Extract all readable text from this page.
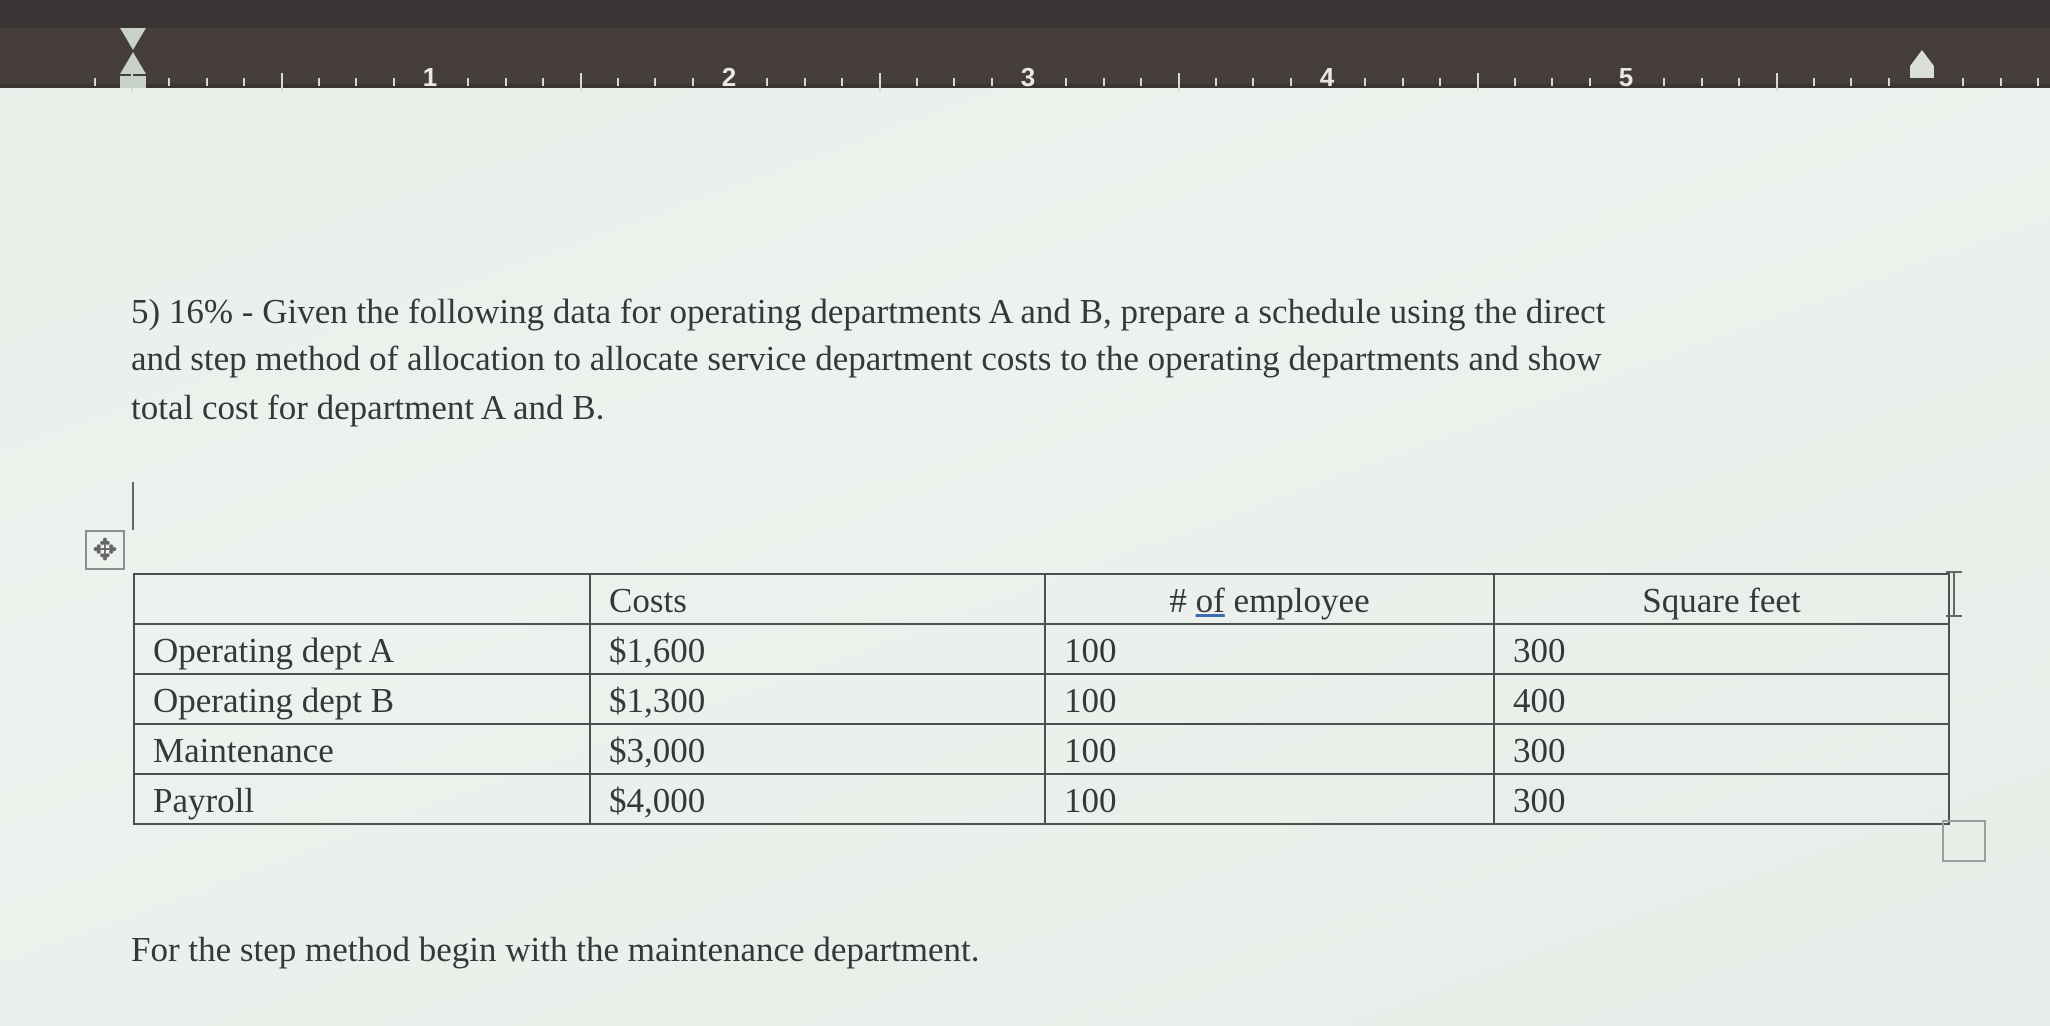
1	2	3	4	5
5) 16% - Given the following data for operating departments A and B, prepare a schedule using the direct
and step method of allocation to allocate service department costs to the operating departments and show
total cost for department A and B.
✥
	Costs	# of employee	Square feet
Operating dept A	$1,600	100	300
Operating dept B	$1,300	100	400
Maintenance	$3,000	100	300
Payroll	$4,000	100	300
For the step method begin with the maintenance department.
